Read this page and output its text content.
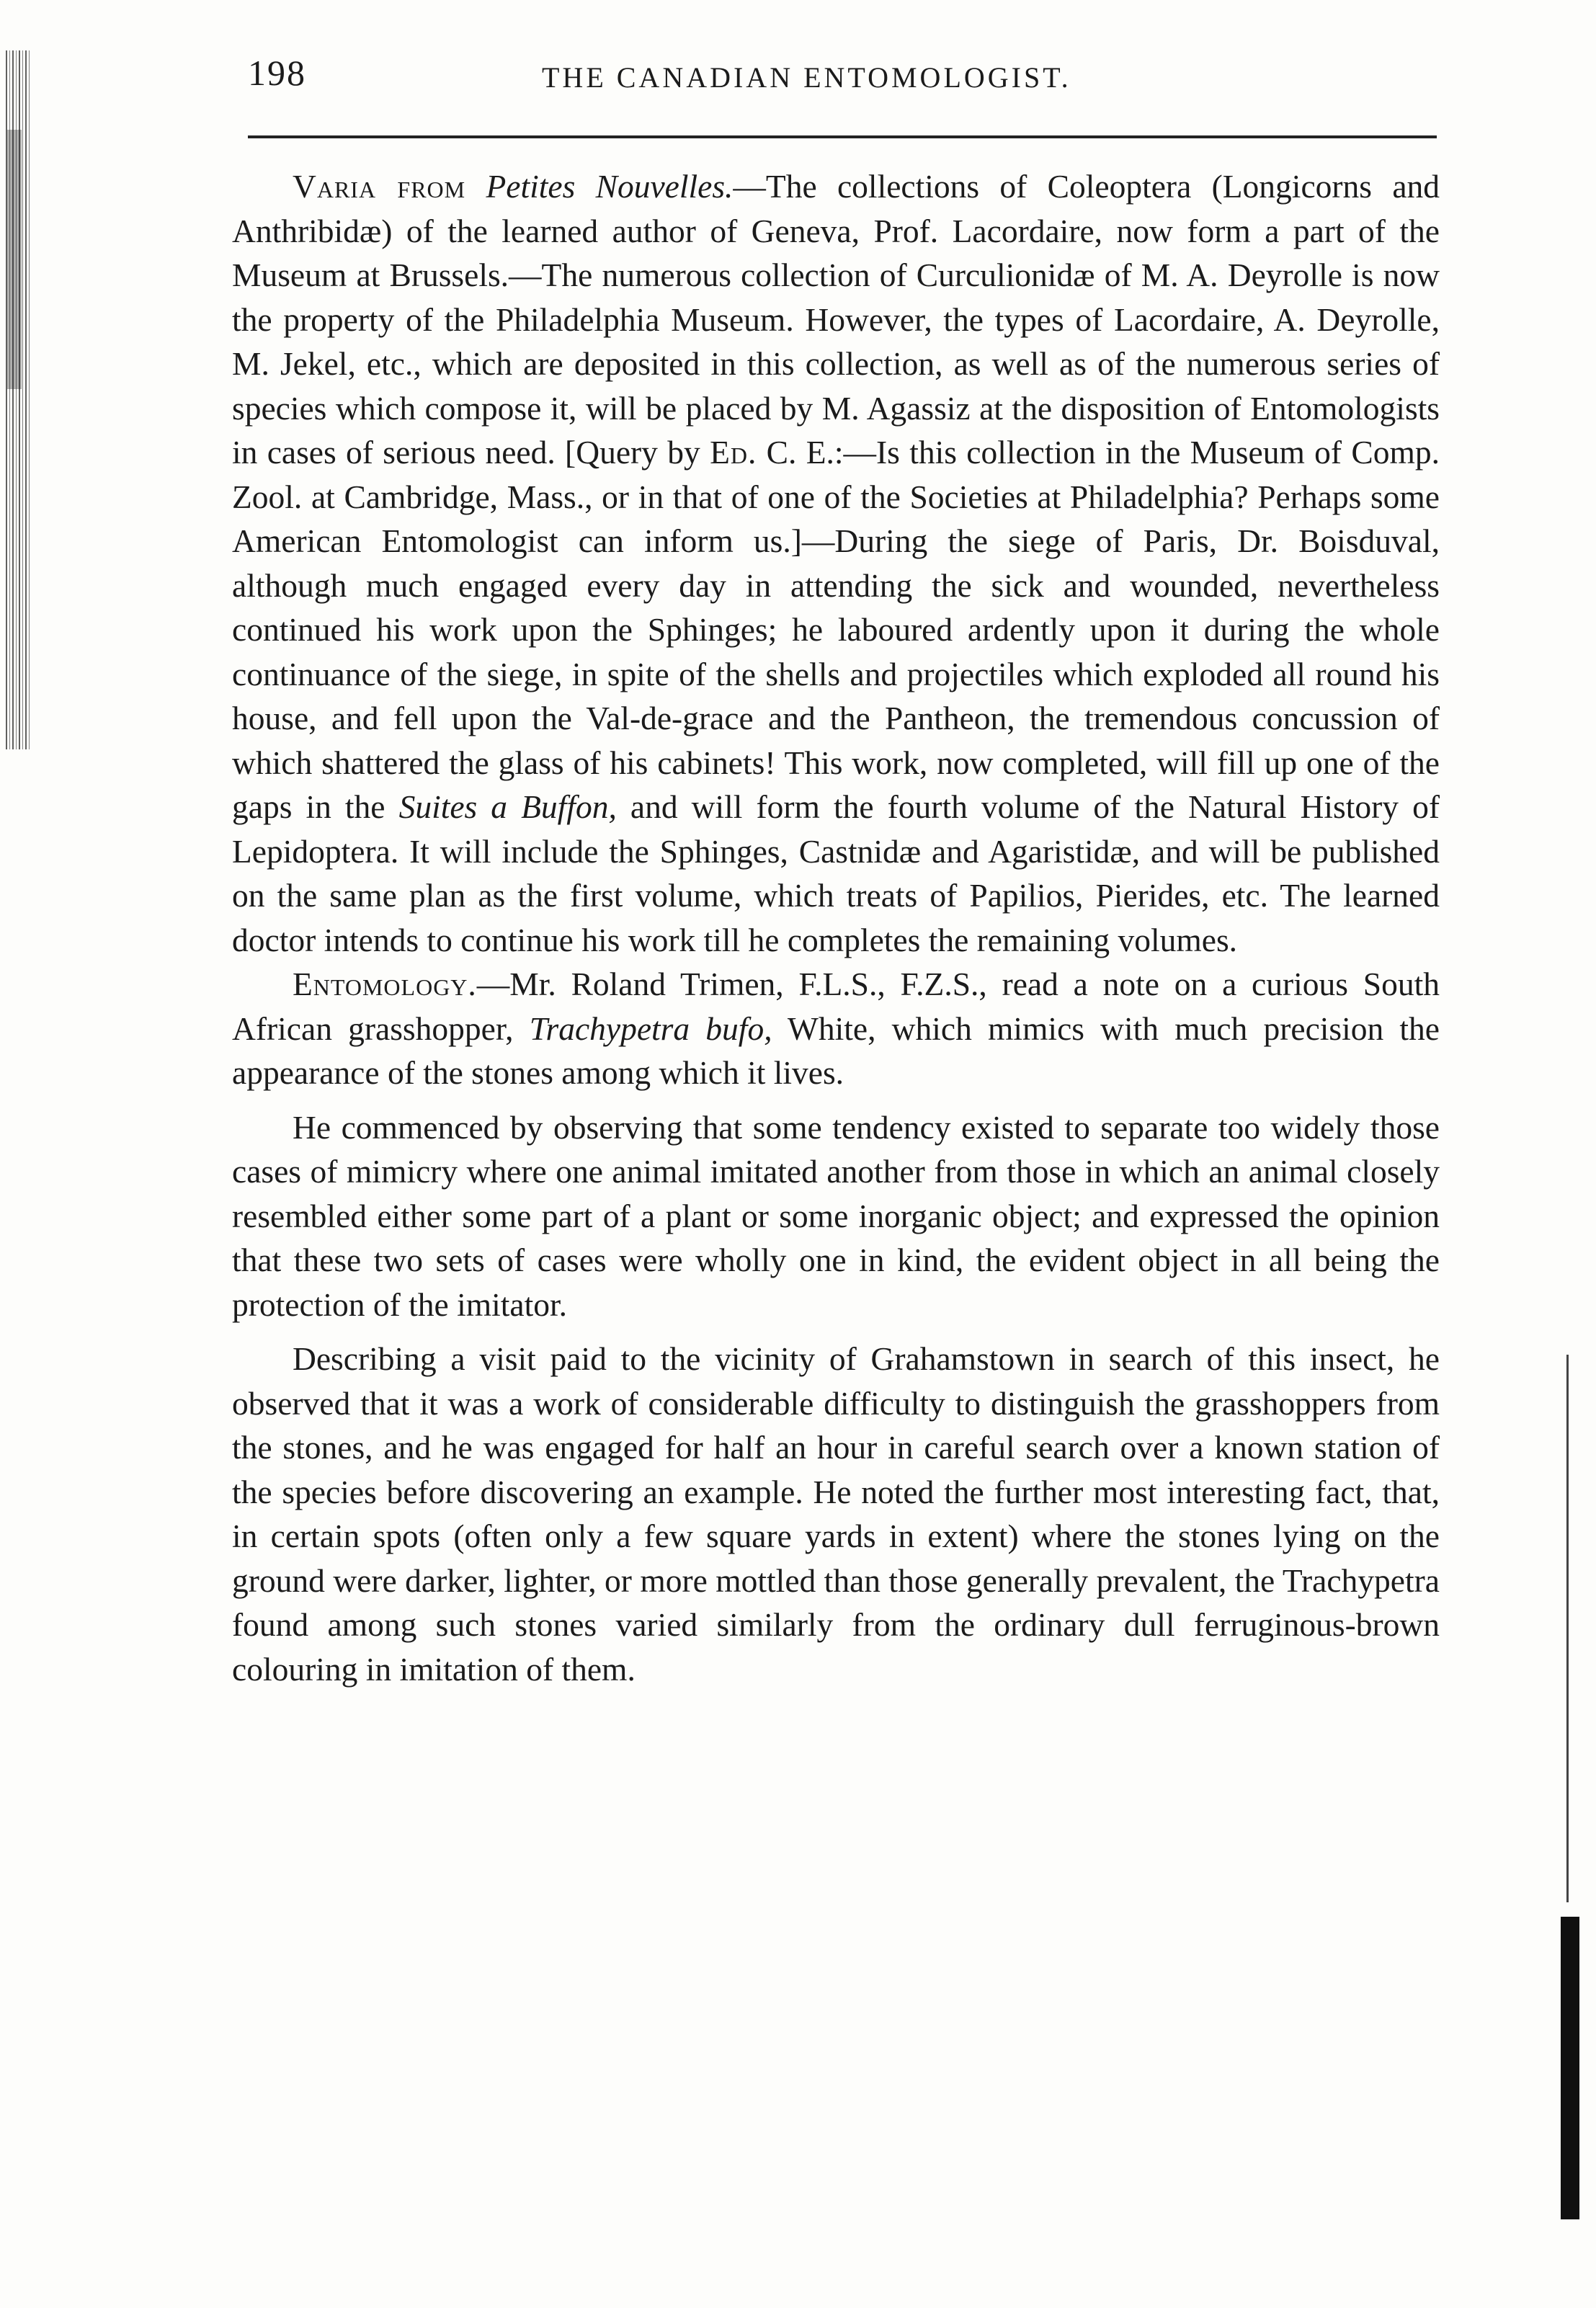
198	THE CANADIAN ENTOMOLOGIST.

Varia from Petites Nouvelles.—The collections of Coleoptera (Longicorns and Anthribidæ) of the learned author of Geneva, Prof. Lacordaire, now form a part of the Museum at Brussels.—The numerous collection of Curculionidæ of M. A. Deyrolle is now the property of the Philadelphia Museum. However, the types of Lacordaire, A. Deyrolle, M. Jekel, etc., which are deposited in this collection, as well as of the numerous series of species which compose it, will be placed by M. Agassiz at the disposition of Entomologists in cases of serious need. [Query by Ed. C. E.:—Is this collection in the Museum of Comp. Zool. at Cambridge, Mass., or in that of one of the Societies at Philadelphia? Perhaps some American Entomologist can inform us.]—During the siege of Paris, Dr. Boisduval, although much engaged every day in attending the sick and wounded, nevertheless continued his work upon the Sphinges; he laboured ardently upon it during the whole continuance of the siege, in spite of the shells and projectiles which exploded all round his house, and fell upon the Val-de-grace and the Pantheon, the tremendous concussion of which shattered the glass of his cabinets! This work, now completed, will fill up one of the gaps in the Suites a Buffon, and will form the fourth volume of the Natural History of Lepidoptera. It will include the Sphinges, Castnidæ and Agaristidæ, and will be published on the same plan as the first volume, which treats of Papilios, Pierides, etc. The learned doctor intends to continue his work till he completes the remaining volumes.

Entomology.—Mr. Roland Trimen, F.L.S., F.Z.S., read a note on a curious South African grasshopper, Trachypetra bufo, White, which mimics with much precision the appearance of the stones among which it lives.

He commenced by observing that some tendency existed to separate too widely those cases of mimicry where one animal imitated another from those in which an animal closely resembled either some part of a plant or some inorganic object; and expressed the opinion that these two sets of cases were wholly one in kind, the evident object in all being the protection of the imitator.

Describing a visit paid to the vicinity of Grahamstown in search of this insect, he observed that it was a work of considerable difficulty to distinguish the grasshoppers from the stones, and he was engaged for half an hour in careful search over a known station of the species before discovering an example. He noted the further most interesting fact, that, in certain spots (often only a few square yards in extent) where the stones lying on the ground were darker, lighter, or more mottled than those generally prevalent, the Trachypetra found among such stones varied similarly from the ordinary dull ferruginous-brown colouring in imitation of them.
